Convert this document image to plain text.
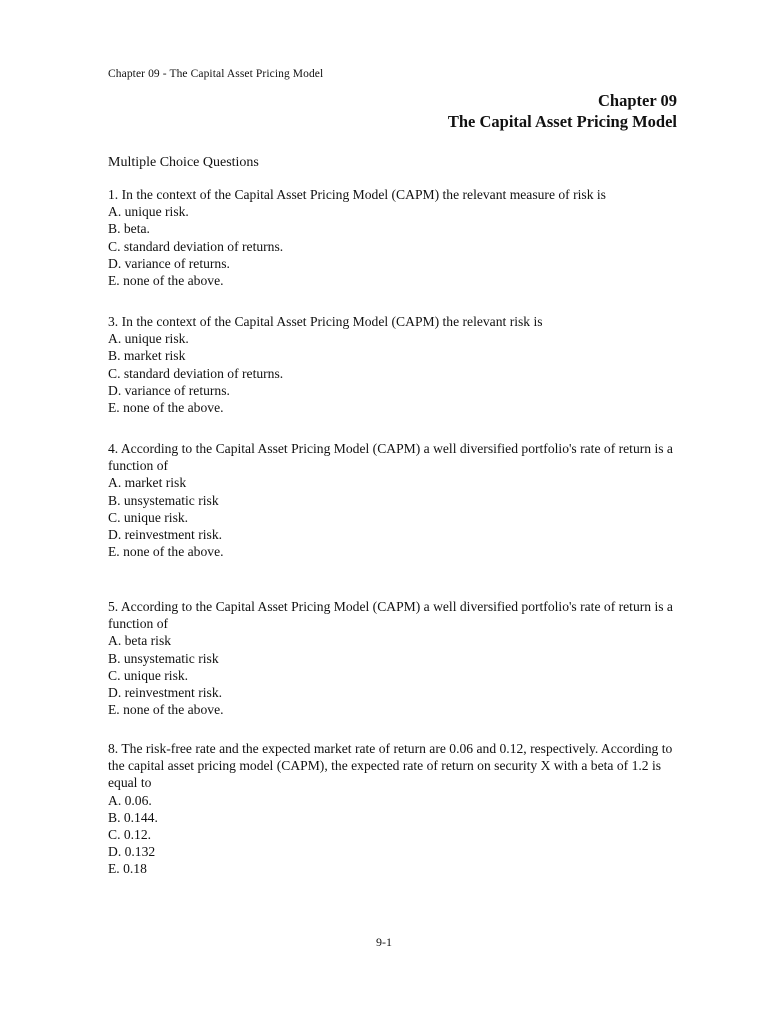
Chapter 09 - The Capital Asset Pricing Model
Chapter 09
The Capital Asset Pricing Model
Multiple Choice Questions
1. In the context of the Capital Asset Pricing Model (CAPM) the relevant measure of risk is
A. unique risk.
B. beta.
C. standard deviation of returns.
D. variance of returns.
E. none of the above.
3. In the context of the Capital Asset Pricing Model (CAPM) the relevant risk is
A. unique risk.
B. market risk
C. standard deviation of returns.
D. variance of returns.
E. none of the above.
4. According to the Capital Asset Pricing Model (CAPM) a well diversified portfolio's rate of return is a function of
A. market risk
B. unsystematic risk
C. unique risk.
D. reinvestment risk.
E. none of the above.
5. According to the Capital Asset Pricing Model (CAPM) a well diversified portfolio's rate of return is a function of
A. beta risk
B. unsystematic risk
C. unique risk.
D. reinvestment risk.
E. none of the above.
8. The risk-free rate and the expected market rate of return are 0.06 and 0.12, respectively. According to the capital asset pricing model (CAPM), the expected rate of return on security X with a beta of 1.2 is equal to
A. 0.06.
B. 0.144.
C. 0.12.
D. 0.132
E. 0.18
9-1
